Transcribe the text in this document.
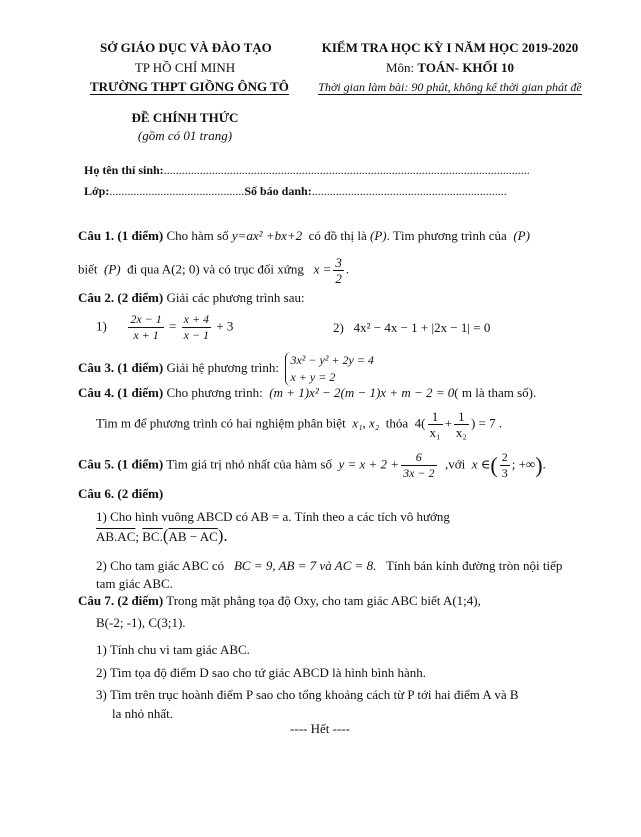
SỞ GIÁO DỤC VÀ ĐÀO TẠO
TP HỒ CHÍ MINH
TRƯỜNG THPT GIỒNG ÔNG TÔ
ĐỀ CHÍNH THỨC
(gồm có 01 trang)
KIỂM TRA HỌC KỲ I NĂM HỌC 2019-2020
Môn: TOÁN- KHỐI 10
Thời gian làm bài: 90 phút, không kể thời gian phát đề
Họ tên thí sinh:..........................................................................................................................
Lớp:.............................................Số báo danh:.................................................................
Câu 1. (1 điểm) Cho hàm số y=ax² +bx+2 có đồ thị là (P). Tìm phương trình của (P)
biết (P) đi qua A(2; 0) và có trục đối xứng $x = \frac{3}{2}$ .
Câu 2. (2 điểm) Giải các phương trình sau:
$1) \frac{2x - 1}{x + 1} = \frac{x + 4}{x - 1} + 3$	2) 4x² − 4x − 1 + |2x − 1| = 0
Câu 3. (1 điểm) Giải hệ phương trình: 3x² − y² + 2y = 4
x + y = 2
Câu 4. (1 điểm) Cho phương trình: (m + 1)x² − 2(m − 1)x + m − 2 = 0( m là tham số).
Tìm m để phương trình có hai nghiệm phân biệt x₁, x₂ thỏa $4( \frac{1}{\text{x₁}} + \frac{1}{\text{x₂}}$ ) = 7 .
Câu 5. (1 điểm) Tìm giá trị nhỏ nhất của hàm số $y = x + 2 + \frac{6}{3x - 2}$ ,với x ∈( $\frac{2}{3}$ ; +∞).
Câu 6. (2 điểm)
1) Cho hình vuông ABCD có AB = a. Tính theo a các tích vô hướng
AB.AC; BC.(AB − AC).
2) Cho tam giác ABC có BC = 9, AB = 7 và AC = 8. Tính bán kính đường tròn nội tiếp
tam giác ABC.
Câu 7. (2 điểm) Trong mặt phẳng tọa độ Oxy, cho tam giác ABC biết A(1;4),
B(-2; -1), C(3;1).
1) Tính chu vi tam giác ABC.
2) Tìm tọa độ điểm D sao cho tứ giác ABCD là hình bình hành.
3) Tìm trên trục hoành điểm P sao cho tổng khoảng cách từ P tới hai điểm A và B
la nhỏ nhất.
---- Hết ----
